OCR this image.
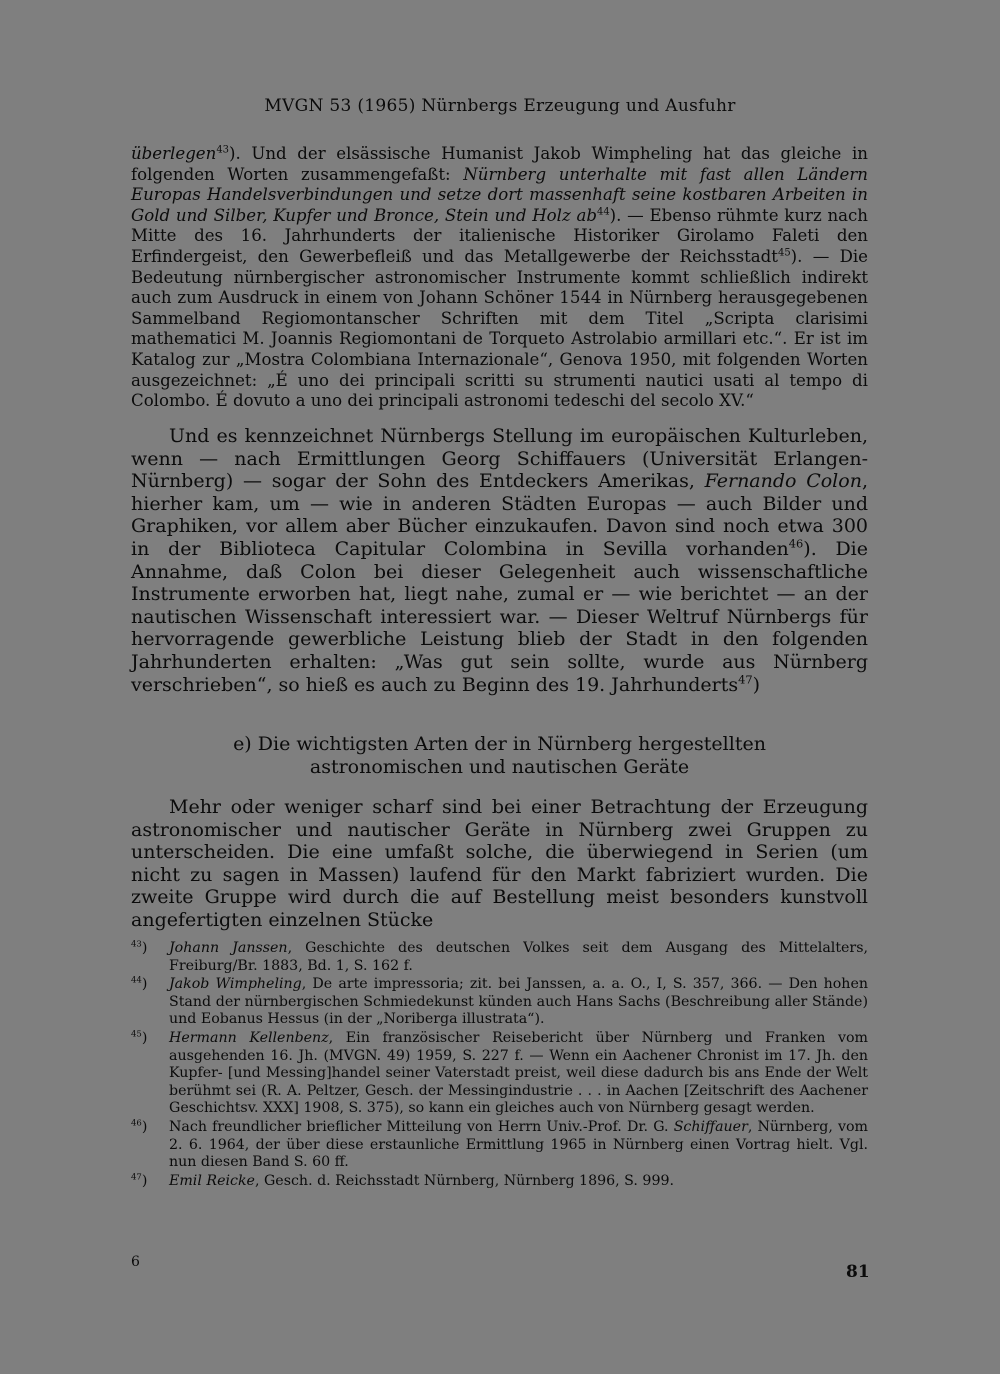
MVGN 53 (1965) Nürnbergs Erzeugung und Ausfuhr

überlegen$^{43}$). Und der elsässische Humanist Jakob Wimpheling hat das gleiche in folgenden Worten zusammengefaßt: Nürnberg unterhalte mit fast allen Ländern Europas Handelsverbindungen und setze dort massenhaft seine kostbaren Arbeiten in Gold und Silber, Kupfer und Bronce, Stein und Holz $ab^{44}$). — Ebenso rühmte kurz nach Mitte des 16. Jahrhunderts der italienische Historiker Girolamo Faleti den Erfindergeist, den Gewerbefleiß und das Metallgewerbe der Reichsstadt$^{45}$). — Die Bedeutung nürnbergischer astronomischer Instrumente kommt schließlich indirekt auch zum Ausdruck in einem von Johann Schöner 1544 in Nürnberg herausgegebenen Sammelband Regiomontanscher Schriften mit dem Titel „Scripta clarisimi mathematici M. Joannis Regiomontani de Torqueto Astrolabio armillari etc.“. Er ist im Katalog zur „Mostra Colombiana Internazionale“, Genova 1950, mit folgenden Worten ausgezeichnet: „É uno dei principali scritti su strumenti nautici usati al tempo di Colombo. É dovuto a uno dei principali astronomi tedeschi del secolo XV.“

Und es kennzeichnet Nürnbergs Stellung im europäischen Kulturleben, wenn — nach Ermittlungen Georg Schiffauers (Universität Erlangen-Nürnberg) — sogar der Sohn des Entdeckers Amerikas, Fernando Colon, hierher kam, um — wie in anderen Städten Europas — auch Bilder und Graphiken, vor allem aber Bücher einzukaufen. Davon sind noch etwa 300 in der Biblioteca Capitular Colombina in Sevilla vorhanden$^{46}$). Die Annahme, daß Colon bei dieser Gelegenheit auch wissenschaftliche Instrumente erworben hat, liegt nahe, zumal er — wie berichtet — an der nautischen Wissenschaft interessiert war. — Dieser Weltruf Nürnbergs für hervorragende gewerbliche Leistung blieb der Stadt in den folgenden Jahrhunderten erhalten: „Was gut sein sollte, wurde aus Nürnberg verschrieben“, so hieß es auch zu Beginn des 19. Jahrhunderts$^{47}$)

e) Die wichtigsten Arten der in Nürnberg hergestellten
astronomischen und nautischen Geräte

Mehr oder weniger scharf sind bei einer Betrachtung der Erzeugung astronomischer und nautischer Geräte in Nürnberg zwei Gruppen zu unterscheiden. Die eine umfaßt solche, die überwiegend in Serien (um nicht zu sagen in Massen) laufend für den Markt fabriziert wurden. Die zweite Gruppe wird durch die auf Bestellung meist besonders kunstvoll angefertigten einzelnen Stücke

$^{43}$)	Johann Janssen, Geschichte des deutschen Volkes seit dem Ausgang des Mittelalters, Freiburg/Br. 1883, Bd. 1, S. 162 f.
$^{44}$)	Jakob Wimpheling, De arte impressoria; zit. bei Janssen, a. a. O., I, S. 357, 366. — Den hohen Stand der nürnbergischen Schmiedekunst künden auch Hans Sachs (Beschreibung aller Stände) und Eobanus Hessus (in der „Noriberga illustrata“).
$^{45}$)	Hermann Kellenbenz, Ein französischer Reisebericht über Nürnberg und Franken vom ausgehenden 16. Jh. (MVGN. 49) 1959, S. 227 f. — Wenn ein Aachener Chronist im 17. Jh. den Kupfer- [und Messing]handel seiner Vaterstadt preist, weil diese dadurch bis ans Ende der Welt berühmt sei (R. A. Peltzer, Gesch. der Messingindustrie . . . in Aachen [Zeitschrift des Aachener Geschichtsv. XXX] 1908, S. 375), so kann ein gleiches auch von Nürnberg gesagt werden.
$^{46}$)	Nach freundlicher brieflicher Mitteilung von Herrn Univ.-Prof. Dr. G. Schiffauer, Nürnberg, vom 2. 6. 1964, der über diese erstaunliche Ermittlung 1965 in Nürnberg einen Vortrag hielt. Vgl. nun diesen Band S. 60 ff.
$^{47}$)	Emil Reicke, Gesch. d. Reichsstadt Nürnberg, Nürnberg 1896, S. 999.
6	81
